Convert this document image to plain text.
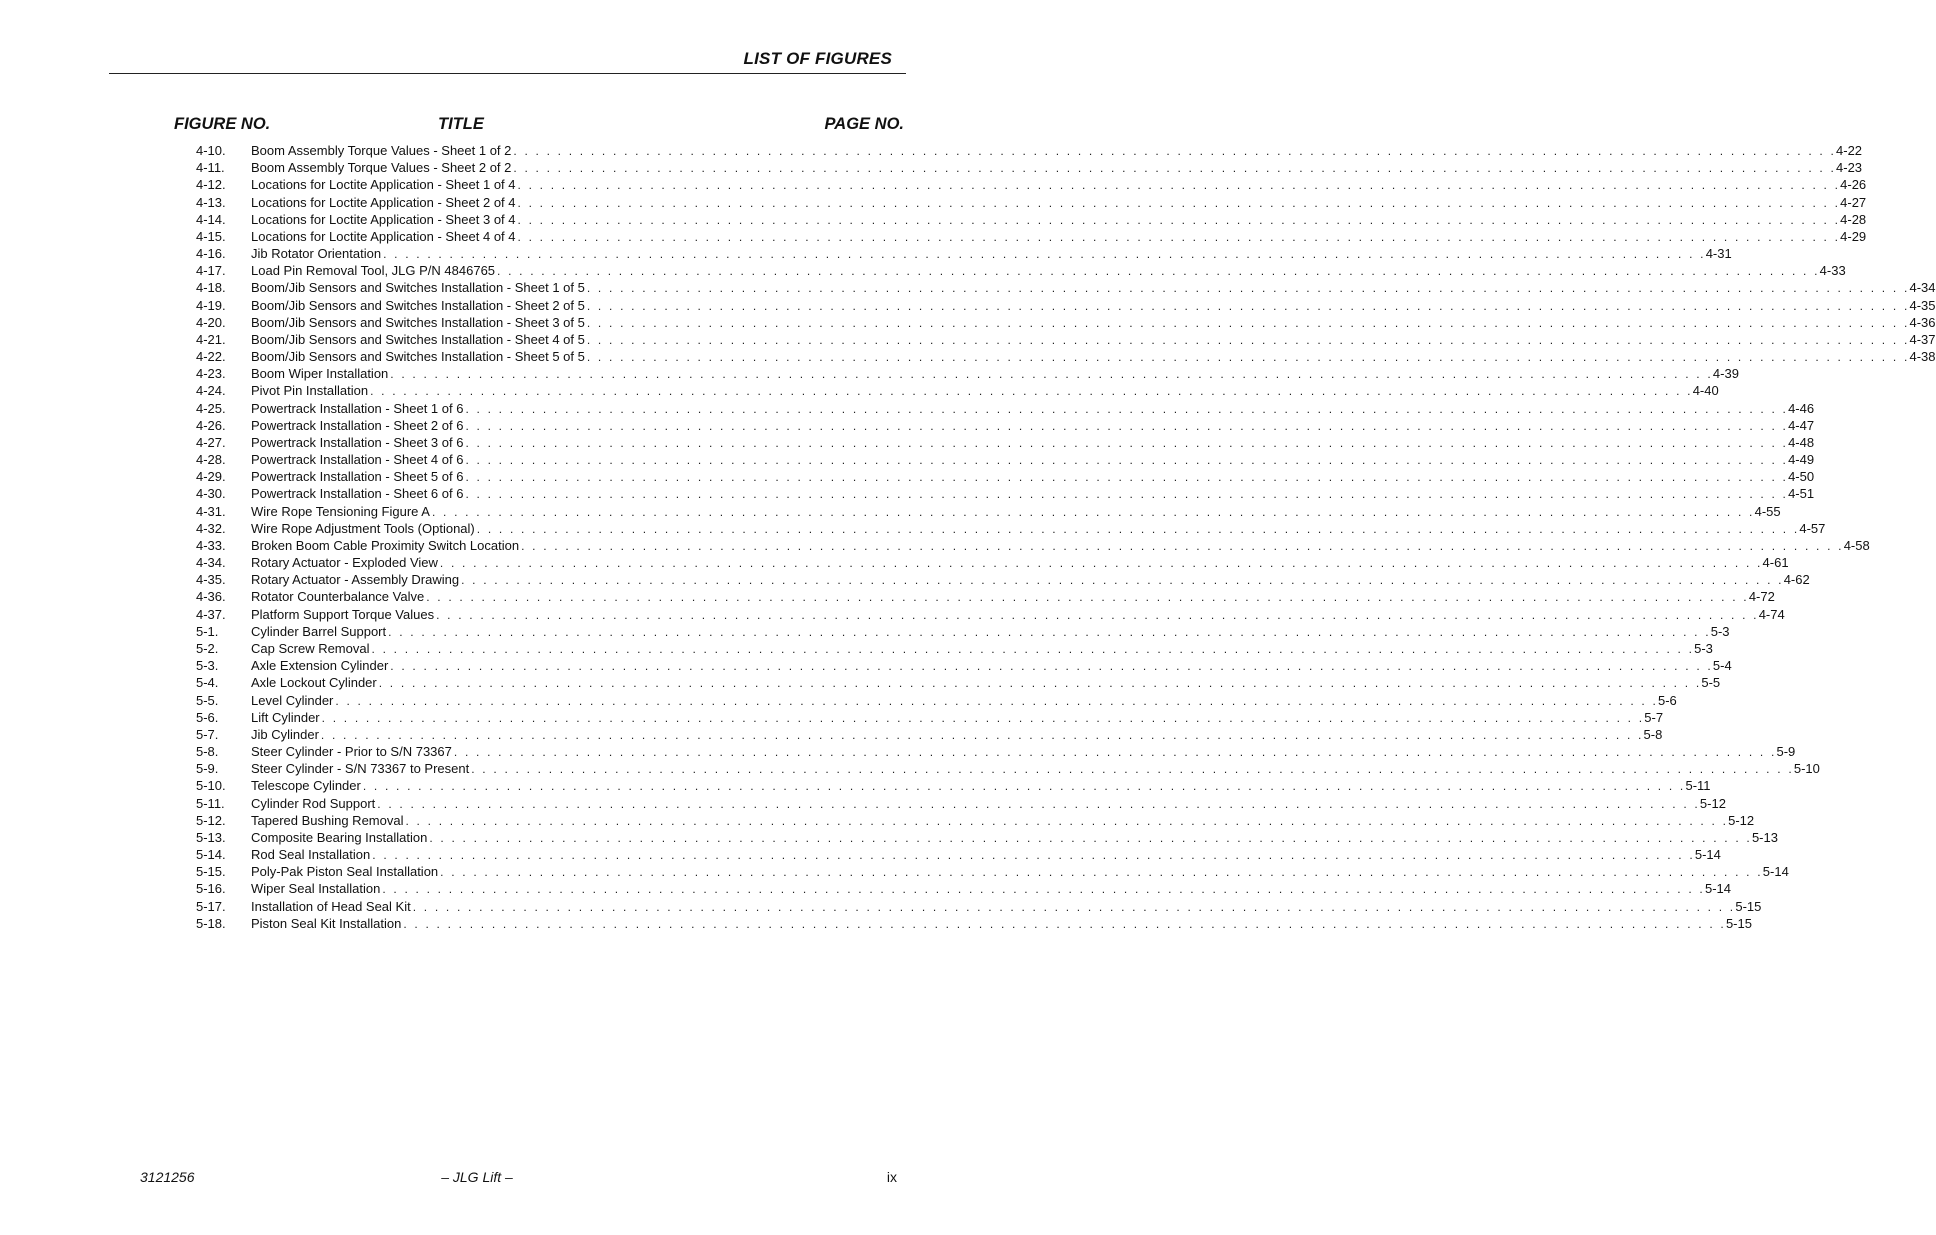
LIST OF FIGURES
FIGURE NO.	TITLE	PAGE NO.
4-10.	Boom Assembly Torque Values - Sheet 1 of 2 . . . . . . . . . . . . . . . . . . . . . . . . . . . . . . . . . . . . . . . . . . . . . . . . . . . . . . . . . . . . . . . . . . . . . . . . . . . . . . . . . . . . . . . . . . . . . . . . . . . . . . . . . . . . . . . . . . . . . . . . 4-22
4-11.	Boom Assembly Torque Values - Sheet 2 of 2 . . . . . . . . . . . . . . . . . . . . . . . . . . . . . . . . . . . . . . . . . . . . . . . . . . . . . . . . . . . . . . . . . . . . . . . . . . . . . . . . . . . . . . . . . . . . . . . . . . . . . . . . . . . . . . . . . . . . . . . . 4-23
4-12.	Locations for Loctite Application - Sheet 1 of 4 . . . . . . . . . . . . . . . . . . . . . . . . . . . . . . . . . . . . . . . . . . . . . . . . . . . . . . . . . . . . . . . . . . . . . . . . . . . . . . . . . . . . . . . . . . . . . . . . . . . . . . . . . . . . . . . . . . . . . . . . 4-26
4-13.	Locations for Loctite Application - Sheet 2 of 4 . . . . . . . . . . . . . . . . . . . . . . . . . . . . . . . . . . . . . . . . . . . . . . . . . . . . . . . . . . . . . . . . . . . . . . . . . . . . . . . . . . . . . . . . . . . . . . . . . . . . . . . . . . . . . . . . . . . . . . . . 4-27
4-14.	Locations for Loctite Application - Sheet 3 of 4 . . . . . . . . . . . . . . . . . . . . . . . . . . . . . . . . . . . . . . . . . . . . . . . . . . . . . . . . . . . . . . . . . . . . . . . . . . . . . . . . . . . . . . . . . . . . . . . . . . . . . . . . . . . . . . . . . . . . . . . . 4-28
4-15.	Locations for Loctite Application - Sheet 4 of 4 . . . . . . . . . . . . . . . . . . . . . . . . . . . . . . . . . . . . . . . . . . . . . . . . . . . . . . . . . . . . . . . . . . . . . . . . . . . . . . . . . . . . . . . . . . . . . . . . . . . . . . . . . . . . . . . . . . . . . . . . 4-29
4-16.	Jib Rotator Orientation . . . . . . . . . . . . . . . . . . . . . . . . . . . . . . . . . . . . . . . . . . . . . . . . . . . . . . . . . . . . . . . . . . . . . . . . . . . . . . . . . . . . . . . . . . . . . . . . . . . . . . . . . . . . . . . . . . . . . . . . 4-31
4-17.	Load Pin Removal Tool, JLG P/N 4846765 . . . . . . . . . . . . . . . . . . . . . . . . . . . . . . . . . . . . . . . . . . . . . . . . . . . . . . . . . . . . . . . . . . . . . . . . . . . . . . . . . . . . . . . . . . . . . . . . . . . . . . . . . . . . . . . . . . . . . . . . 4-33
4-18.	Boom/Jib Sensors and Switches Installation - Sheet 1 of 5 . . . . . . . . . . . . . . . . . . . . . . . . . . . . . . . . . . . . . . . . . . . . . . . . . . . . . . . . . . . . . . . . . . . . . . . . . . . . . . . . . . . . . . . . . . . . . . . . . . . . . . . . . . . . . . . . . . . . . . . . 4-34
4-19.	Boom/Jib Sensors and Switches Installation - Sheet 2 of 5 . . . . . . . . . . . . . . . . . . . . . . . . . . . . . . . . . . . . . . . . . . . . . . . . . . . . . . . . . . . . . . . . . . . . . . . . . . . . . . . . . . . . . . . . . . . . . . . . . . . . . . . . . . . . . . . . . . . . . . . . 4-35
4-20.	Boom/Jib Sensors and Switches Installation - Sheet 3 of 5 . . . . . . . . . . . . . . . . . . . . . . . . . . . . . . . . . . . . . . . . . . . . . . . . . . . . . . . . . . . . . . . . . . . . . . . . . . . . . . . . . . . . . . . . . . . . . . . . . . . . . . . . . . . . . . . . . . . . . . . . 4-36
4-21.	Boom/Jib Sensors and Switches Installation - Sheet 4 of 5 . . . . . . . . . . . . . . . . . . . . . . . . . . . . . . . . . . . . . . . . . . . . . . . . . . . . . . . . . . . . . . . . . . . . . . . . . . . . . . . . . . . . . . . . . . . . . . . . . . . . . . . . . . . . . . . . . . . . . . . . 4-37
4-22.	Boom/Jib Sensors and Switches Installation - Sheet 5 of 5 . . . . . . . . . . . . . . . . . . . . . . . . . . . . . . . . . . . . . . . . . . . . . . . . . . . . . . . . . . . . . . . . . . . . . . . . . . . . . . . . . . . . . . . . . . . . . . . . . . . . . . . . . . . . . . . . . . . . . . . . 4-38
4-23.	Boom Wiper Installation . . . . . . . . . . . . . . . . . . . . . . . . . . . . . . . . . . . . . . . . . . . . . . . . . . . . . . . . . . . . . . . . . . . . . . . . . . . . . . . . . . . . . . . . . . . . . . . . . . . . . . . . . . . . . . . . . . . . . . . . 4-39
4-24.	Pivot Pin Installation . . . . . . . . . . . . . . . . . . . . . . . . . . . . . . . . . . . . . . . . . . . . . . . . . . . . . . . . . . . . . . . . . . . . . . . . . . . . . . . . . . . . . . . . . . . . . . . . . . . . . . . . . . . . . . . . . . . . . . . . 4-40
4-25.	Powertrack Installation - Sheet 1 of 6 . . . . . . . . . . . . . . . . . . . . . . . . . . . . . . . . . . . . . . . . . . . . . . . . . . . . . . . . . . . . . . . . . . . . . . . . . . . . . . . . . . . . . . . . . . . . . . . . . . . . . . . . . . . . . . . . . . . . . . . . 4-46
4-26.	Powertrack Installation - Sheet 2 of 6 . . . . . . . . . . . . . . . . . . . . . . . . . . . . . . . . . . . . . . . . . . . . . . . . . . . . . . . . . . . . . . . . . . . . . . . . . . . . . . . . . . . . . . . . . . . . . . . . . . . . . . . . . . . . . . . . . . . . . . . . 4-47
4-27.	Powertrack Installation - Sheet 3 of 6 . . . . . . . . . . . . . . . . . . . . . . . . . . . . . . . . . . . . . . . . . . . . . . . . . . . . . . . . . . . . . . . . . . . . . . . . . . . . . . . . . . . . . . . . . . . . . . . . . . . . . . . . . . . . . . . . . . . . . . . . 4-48
4-28.	Powertrack Installation - Sheet 4 of 6 . . . . . . . . . . . . . . . . . . . . . . . . . . . . . . . . . . . . . . . . . . . . . . . . . . . . . . . . . . . . . . . . . . . . . . . . . . . . . . . . . . . . . . . . . . . . . . . . . . . . . . . . . . . . . . . . . . . . . . . . 4-49
4-29.	Powertrack Installation - Sheet 5 of 6 . . . . . . . . . . . . . . . . . . . . . . . . . . . . . . . . . . . . . . . . . . . . . . . . . . . . . . . . . . . . . . . . . . . . . . . . . . . . . . . . . . . . . . . . . . . . . . . . . . . . . . . . . . . . . . . . . . . . . . . . 4-50
4-30.	Powertrack Installation - Sheet 6 of 6 . . . . . . . . . . . . . . . . . . . . . . . . . . . . . . . . . . . . . . . . . . . . . . . . . . . . . . . . . . . . . . . . . . . . . . . . . . . . . . . . . . . . . . . . . . . . . . . . . . . . . . . . . . . . . . . . . . . . . . . . 4-51
4-31.	Wire Rope Tensioning Figure A . . . . . . . . . . . . . . . . . . . . . . . . . . . . . . . . . . . . . . . . . . . . . . . . . . . . . . . . . . . . . . . . . . . . . . . . . . . . . . . . . . . . . . . . . . . . . . . . . . . . . . . . . . . . . . . . . . . . . . . . 4-55
4-32.	Wire Rope Adjustment Tools (Optional) . . . . . . . . . . . . . . . . . . . . . . . . . . . . . . . . . . . . . . . . . . . . . . . . . . . . . . . . . . . . . . . . . . . . . . . . . . . . . . . . . . . . . . . . . . . . . . . . . . . . . . . . . . . . . . . . . . . . . . . . 4-57
4-33.	Broken Boom Cable Proximity Switch Location . . . . . . . . . . . . . . . . . . . . . . . . . . . . . . . . . . . . . . . . . . . . . . . . . . . . . . . . . . . . . . . . . . . . . . . . . . . . . . . . . . . . . . . . . . . . . . . . . . . . . . . . . . . . . . . . . . . . . . . . 4-58
4-34.	Rotary Actuator - Exploded View . . . . . . . . . . . . . . . . . . . . . . . . . . . . . . . . . . . . . . . . . . . . . . . . . . . . . . . . . . . . . . . . . . . . . . . . . . . . . . . . . . . . . . . . . . . . . . . . . . . . . . . . . . . . . . . . . . . . . . . . 4-61
4-35.	Rotary Actuator - Assembly Drawing . . . . . . . . . . . . . . . . . . . . . . . . . . . . . . . . . . . . . . . . . . . . . . . . . . . . . . . . . . . . . . . . . . . . . . . . . . . . . . . . . . . . . . . . . . . . . . . . . . . . . . . . . . . . . . . . . . . . . . . . 4-62
4-36.	Rotator Counterbalance Valve . . . . . . . . . . . . . . . . . . . . . . . . . . . . . . . . . . . . . . . . . . . . . . . . . . . . . . . . . . . . . . . . . . . . . . . . . . . . . . . . . . . . . . . . . . . . . . . . . . . . . . . . . . . . . . . . . . . . . . . . 4-72
4-37.	Platform Support Torque Values . . . . . . . . . . . . . . . . . . . . . . . . . . . . . . . . . . . . . . . . . . . . . . . . . . . . . . . . . . . . . . . . . . . . . . . . . . . . . . . . . . . . . . . . . . . . . . . . . . . . . . . . . . . . . . . . . . . . . . . . 4-74
5-1.	Cylinder Barrel Support . . . . . . . . . . . . . . . . . . . . . . . . . . . . . . . . . . . . . . . . . . . . . . . . . . . . . . . . . . . . . . . . . . . . . . . . . . . . . . . . . . . . . . . . . . . . . . . . . . . . . . . . . . . . . . . . . . . . . . . . 5-3
5-2.	Cap Screw Removal . . . . . . . . . . . . . . . . . . . . . . . . . . . . . . . . . . . . . . . . . . . . . . . . . . . . . . . . . . . . . . . . . . . . . . . . . . . . . . . . . . . . . . . . . . . . . . . . . . . . . . . . . . . . . . . . . . . . . . . . 5-3
5-3.	Axle Extension Cylinder . . . . . . . . . . . . . . . . . . . . . . . . . . . . . . . . . . . . . . . . . . . . . . . . . . . . . . . . . . . . . . . . . . . . . . . . . . . . . . . . . . . . . . . . . . . . . . . . . . . . . . . . . . . . . . . . . . . . . . . . 5-4
5-4.	Axle Lockout Cylinder . . . . . . . . . . . . . . . . . . . . . . . . . . . . . . . . . . . . . . . . . . . . . . . . . . . . . . . . . . . . . . . . . . . . . . . . . . . . . . . . . . . . . . . . . . . . . . . . . . . . . . . . . . . . . . . . . . . . . . . . 5-5
5-5.	Level Cylinder . . . . . . . . . . . . . . . . . . . . . . . . . . . . . . . . . . . . . . . . . . . . . . . . . . . . . . . . . . . . . . . . . . . . . . . . . . . . . . . . . . . . . . . . . . . . . . . . . . . . . . . . . . . . . . . . . . . . . . . . 5-6
5-6.	Lift Cylinder . . . . . . . . . . . . . . . . . . . . . . . . . . . . . . . . . . . . . . . . . . . . . . . . . . . . . . . . . . . . . . . . . . . . . . . . . . . . . . . . . . . . . . . . . . . . . . . . . . . . . . . . . . . . . . . . . . . . . . . . 5-7
5-7.	Jib Cylinder . . . . . . . . . . . . . . . . . . . . . . . . . . . . . . . . . . . . . . . . . . . . . . . . . . . . . . . . . . . . . . . . . . . . . . . . . . . . . . . . . . . . . . . . . . . . . . . . . . . . . . . . . . . . . . . . . . . . . . . . 5-8
5-8.	Steer Cylinder - Prior to S/N 73367 . . . . . . . . . . . . . . . . . . . . . . . . . . . . . . . . . . . . . . . . . . . . . . . . . . . . . . . . . . . . . . . . . . . . . . . . . . . . . . . . . . . . . . . . . . . . . . . . . . . . . . . . . . . . . . . . . . . . . . . . 5-9
5-9.	Steer Cylinder - S/N 73367 to Present . . . . . . . . . . . . . . . . . . . . . . . . . . . . . . . . . . . . . . . . . . . . . . . . . . . . . . . . . . . . . . . . . . . . . . . . . . . . . . . . . . . . . . . . . . . . . . . . . . . . . . . . . . . . . . . . . . . . . . . . 5-10
5-10.	Telescope Cylinder . . . . . . . . . . . . . . . . . . . . . . . . . . . . . . . . . . . . . . . . . . . . . . . . . . . . . . . . . . . . . . . . . . . . . . . . . . . . . . . . . . . . . . . . . . . . . . . . . . . . . . . . . . . . . . . . . . . . . . . . 5-11
5-11.	Cylinder Rod Support . . . . . . . . . . . . . . . . . . . . . . . . . . . . . . . . . . . . . . . . . . . . . . . . . . . . . . . . . . . . . . . . . . . . . . . . . . . . . . . . . . . . . . . . . . . . . . . . . . . . . . . . . . . . . . . . . . . . . . . . 5-12
5-12.	Tapered Bushing Removal . . . . . . . . . . . . . . . . . . . . . . . . . . . . . . . . . . . . . . . . . . . . . . . . . . . . . . . . . . . . . . . . . . . . . . . . . . . . . . . . . . . . . . . . . . . . . . . . . . . . . . . . . . . . . . . . . . . . . . . . 5-12
5-13.	Composite Bearing Installation . . . . . . . . . . . . . . . . . . . . . . . . . . . . . . . . . . . . . . . . . . . . . . . . . . . . . . . . . . . . . . . . . . . . . . . . . . . . . . . . . . . . . . . . . . . . . . . . . . . . . . . . . . . . . . . . . . . . . . . . 5-13
5-14.	Rod Seal Installation . . . . . . . . . . . . . . . . . . . . . . . . . . . . . . . . . . . . . . . . . . . . . . . . . . . . . . . . . . . . . . . . . . . . . . . . . . . . . . . . . . . . . . . . . . . . . . . . . . . . . . . . . . . . . . . . . . . . . . . . 5-14
5-15.	Poly-Pak Piston Seal Installation . . . . . . . . . . . . . . . . . . . . . . . . . . . . . . . . . . . . . . . . . . . . . . . . . . . . . . . . . . . . . . . . . . . . . . . . . . . . . . . . . . . . . . . . . . . . . . . . . . . . . . . . . . . . . . . . . . . . . . . . 5-14
5-16.	Wiper Seal Installation . . . . . . . . . . . . . . . . . . . . . . . . . . . . . . . . . . . . . . . . . . . . . . . . . . . . . . . . . . . . . . . . . . . . . . . . . . . . . . . . . . . . . . . . . . . . . . . . . . . . . . . . . . . . . . . . . . . . . . . . 5-14
5-17.	Installation of Head Seal Kit . . . . . . . . . . . . . . . . . . . . . . . . . . . . . . . . . . . . . . . . . . . . . . . . . . . . . . . . . . . . . . . . . . . . . . . . . . . . . . . . . . . . . . . . . . . . . . . . . . . . . . . . . . . . . . . . . . . . . . . . 5-15
5-18.	Piston Seal Kit Installation . . . . . . . . . . . . . . . . . . . . . . . . . . . . . . . . . . . . . . . . . . . . . . . . . . . . . . . . . . . . . . . . . . . . . . . . . . . . . . . . . . . . . . . . . . . . . . . . . . . . . . . . . . . . . . . . . . . . . . . . 5-15
3121256	– JLG Lift –	ix
